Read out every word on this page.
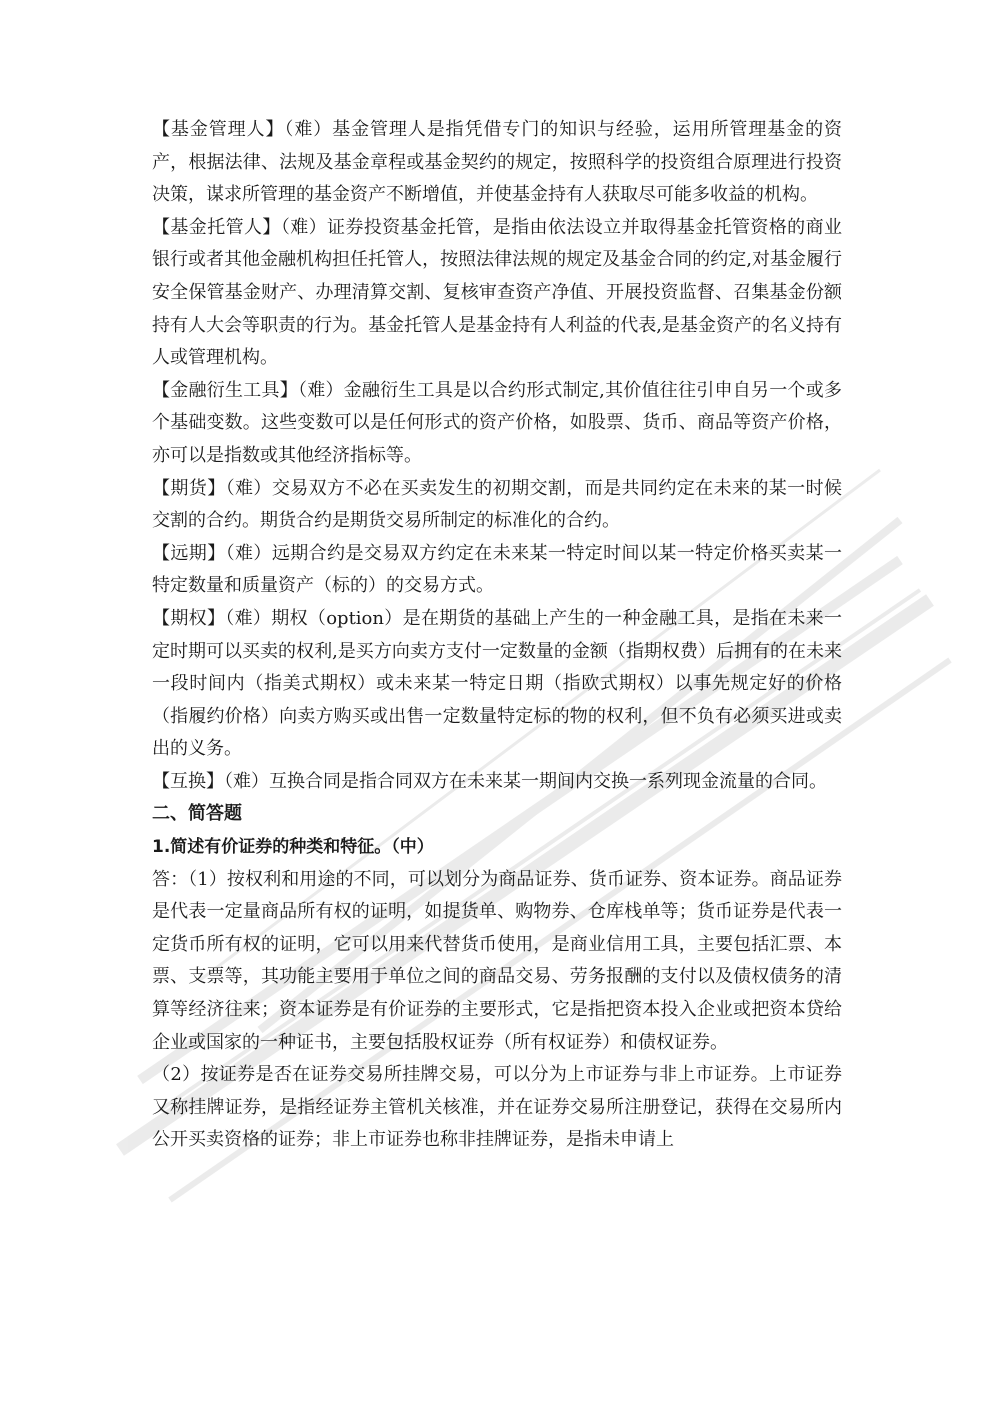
【基金管理人】（难）基金管理人是指凭借专门的知识与经验，运用所管理基金的资产，根据法律、法规及基金章程或基金契约的规定，按照科学的投资组合原理进行投资决策，谋求所管理的基金资产不断增值，并使基金持有人获取尽可能多收益的机构。

【基金托管人】（难）证券投资基金托管，是指由依法设立并取得基金托管资格的商业银行或者其他金融机构担任托管人，按照法律法规的规定及基金合同的约定,对基金履行安全保管基金财产、办理清算交割、复核审查资产净值、开展投资监督、召集基金份额持有人大会等职责的行为。基金托管人是基金持有人利益的代表,是基金资产的名义持有人或管理机构。

【金融衍生工具】（难）金融衍生工具是以合约形式制定,其价值往往引申自另一个或多个基础变数。这些变数可以是任何形式的资产价格，如股票、货币、商品等资产价格，亦可以是指数或其他经济指标等。

【期货】（难）交易双方不必在买卖发生的初期交割，而是共同约定在未来的某一时候交割的合约。期货合约是期货交易所制定的标准化的合约。

【远期】（难）远期合约是交易双方约定在未来某一特定时间以某一特定价格买卖某一特定数量和质量资产（标的）的交易方式。

【期权】（难）期权（option）是在期货的基础上产生的一种金融工具，是指在未来一定时期可以买卖的权利,是买方向卖方支付一定数量的金额（指期权费）后拥有的在未来一段时间内（指美式期权）或未来某一特定日期（指欧式期权）以事先规定好的价格（指履约价格）向卖方购买或出售一定数量特定标的物的权利，但不负有必须买进或卖出的义务。

【互换】（难）互换合同是指合同双方在未来某一期间内交换一系列现金流量的合同。

二、简答题

1.简述有价证券的种类和特征。（中）

答：（1）按权利和用途的不同，可以划分为商品证券、货币证券、资本证券。商品证券是代表一定量商品所有权的证明，如提货单、购物券、仓库栈单等；货币证券是代表一定货币所有权的证明，它可以用来代替货币使用，是商业信用工具，主要包括汇票、本票、支票等，其功能主要用于单位之间的商品交易、劳务报酬的支付以及债权债务的清算等经济往来；资本证券是有价证券的主要形式，它是指把资本投入企业或把资本贷给企业或国家的一种证书，主要包括股权证券（所有权证券）和债权证券。

（2）按证券是否在证券交易所挂牌交易，可以分为上市证券与非上市证券。上市证券又称挂牌证券，是指经证券主管机关核准，并在证券交易所注册登记，获得在交易所内公开买卖资格的证券；非上市证券也称非挂牌证券，是指未申请上
